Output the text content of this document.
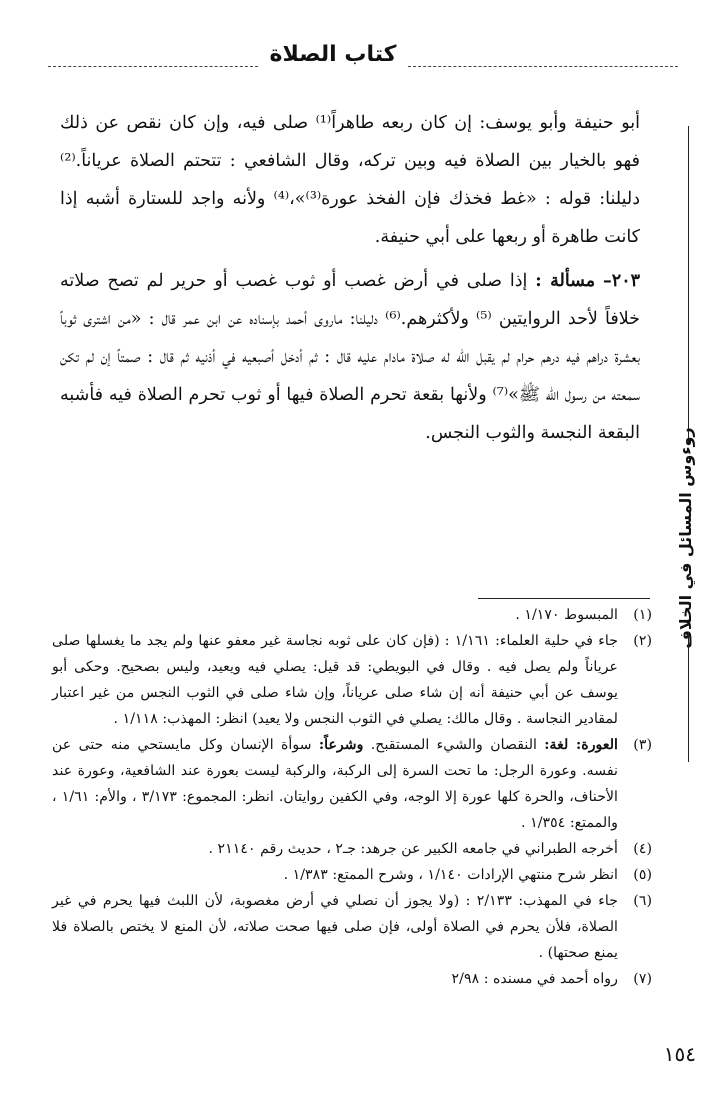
كتاب الصلاة
روءوس المسائل في الخلاف

أبو حنيفة وأبو يوسف: إن كان ربعه طاهراً⁽¹⁾ صلى فيه، وإن كان نقص عن ذلك فهو بالخيار بين الصلاة فيه وبين تركه، وقال الشافعي : تتحتم الصلاة عرياناً.⁽²⁾ دليلنا: قوله : «غط فخذك فإن الفخذ عورة⁽³⁾»،⁽⁴⁾ ولأنه واجد للستارة أشبه إذا كانت طاهرة أو ربعها على أبي حنيفة.

٢٠٣– مسألة : إذا صلى في أرض غصب أو ثوب غصب أو حرير لم تصح صلاته خلافاً لأحد الروايتين ⁽⁵⁾ ولأكثرهم.⁽⁶⁾ دليلنا: ماروى أحمد بإسناده عن ابن عمر قال : «من اشترى ثوباً بعشرة دراهم فيه درهم حرام لم يقبل الله له صلاة مادام عليه قال : ثم أدخل أصبعيه في أذنيه ثم قال : صمتاً إن لم تكن سمعته من رسول الله ﷺ»⁽⁷⁾ ولأنها بقعة تحرم الصلاة فيها أو ثوب تحرم الصلاة فيه فأشبه البقعة النجسة والثوب النجس.

(١)
المبسوط ١/١٧٠ .
(٢)
جاء في حلية العلماء: ١/١٦١ : (فإن كان على ثوبه نجاسة غير معفو عنها ولم يجد ما يغسلها صلى عرياناً ولم يصل فيه . وقال في البويطي: قد قيل: يصلي فيه ويعيد، وليس بصحيح. وحكى أبو يوسف عن أبي حنيفة أنه إن شاء صلى عرياناً، وإن شاء صلى في الثوب النجس من غير اعتبار لمقادير النجاسة . وقال مالك: يصلي في الثوب النجس ولا يعيد) انظر: المهذب: ١/١١٨ .
(٣)
العورة: لغة: النقصان والشيء المستقبح. وشرعاً: سوأة الإنسان وكل مايستحي منه حتى عن نفسه. وعورة الرجل: ما تحت السرة إلى الركبة، والركبة ليست بعورة عند الشافعية، وعورة عند الأحناف، والحرة كلها عورة إلا الوجه، وفي الكفين روايتان. انظر: المجموع: ٣/١٧٣ ، والأم: ١/٦١ ، والممتع: ١/٣٥٤ .
(٤)
أخرجه الطبراني في جامعه الكبير عن جرهد: جـ٢ ، حديث رقم ٢١١٤٠ .
(٥)
انظر شرح منتهي الإرادات ١/١٤٠ ، وشرح الممتع: ١/٣٨٣ .
(٦)
جاء في المهذب: ٢/١٣٣ : (ولا يجوز أن نصلي في أرض مغصوبة، لأن اللبث فيها يحرم في غير الصلاة، فلأن يحرم في الصلاة أولى، فإن صلى فيها صحت صلاته، لأن المنع لا يختص بالصلاة فلا يمنع صحتها) .
(٧)
رواه أحمد في مسنده : ٢/٩٨
١٥٤
